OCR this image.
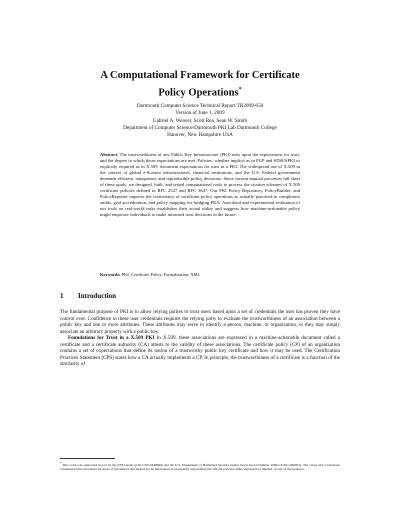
A Computational Framework for Certificate
Policy Operations*
Dartmouth Computer Science Technical Report TR2009-650
Version of June 1, 2009
Gabriel A. Weaver, Scott Rea, Sean W. Smith
Department of Computer Science/Dartmouth PKI Lab Dartmouth College
Hanover, New Hampshire USA
Abstract. The trustworthiness of any Public Key Infrastructure (PKI) rests upon the expectations for trust, and the degree to which those expectations are met. Policies, whether implicit as in PGP and SDSI/SPKI or explicitly required as in X.509, document expectations for trust in a PKI. The widespread use of X.509 in the context of global e-Science infrastructures, financial institutions, and the U.S. Federal government demands efficient, transparent, and reproducible policy decisions. Since current manual processes fall short of these goals, we designed, built, and tested computational tools to process the citation schemes of X.509 certificate policies defined in RFC 2527 and RFC 3647. Our PKI Policy Repository, PolicyBuilder, and PolicyReporter improve the consistency of certificate policy operations as actually practiced in compliance audits, grid accreditation, and policy mapping for bridging PKIs. Anecdotal and experimental evaluation of our tools on real-world tasks establishes their actual utility and suggests how machine-actionable policy might empower individuals to make informed trust decisions in the future.
Keywords: PKI, Certificate Policy, Formalization, XML
1 Introduction

The fundamental purpose of PKI is to allow relying parties to trust users based upon a set of credentials the user has proven they have control over. Confidence in these user credentials requires the relying party to evaluate the trustworthiness of an association between a public key and one or more attributes. These attributes may serve to identify a person, machine, or organization, or they may simply associate an arbitrary property with a public key.

Foundations for Trust in a X.509 PKI In X.509, these associations are expressed in a machine-actionable document called a certificate and a certificate authority (CA) attests to the validity of these associations. The certificate policy (CP) of an organization contains a set of expectations that define its notion of a trustworthy public key certificate and how it may be used. The Certification Practices Statement (CPS) states how a CA actually implements a CP. In principle, the trustworthiness of a certificate is a function of the similarity of

* This work was supported in part by the NSF (under grant CNS-0448499) and the U.S. Department of Homeland Security (under Grant Award Number 2006-CS-001-000001). The views and conclusions contained in this document are those of the authors and should not be interpreted as necessarily representing the official policies, either expressed or implied, of any of the sponsors.
